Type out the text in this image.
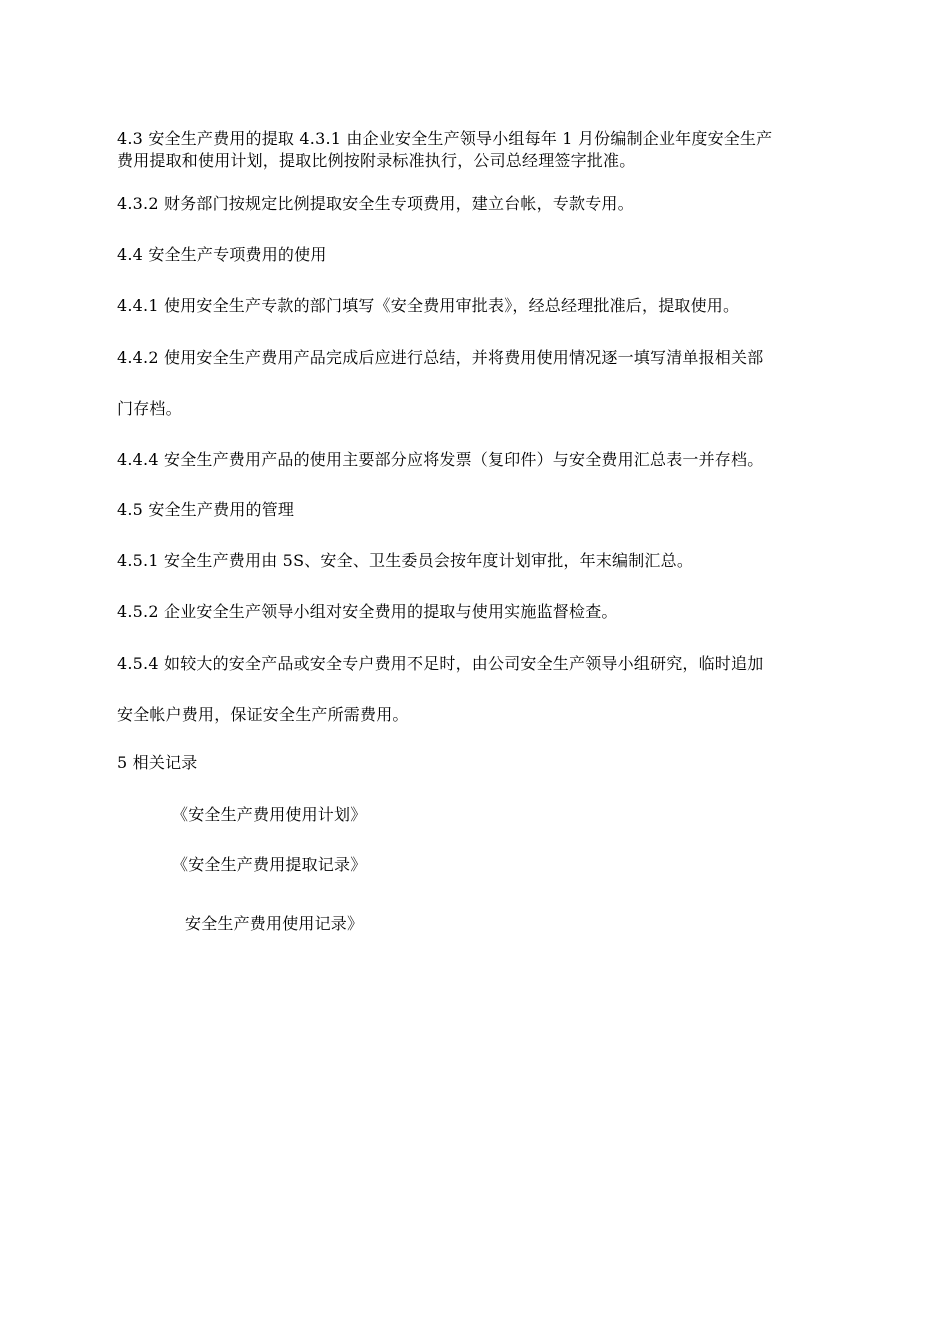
4.3 安全生产费用的提取 4.3.1 由企业安全生产领导小组每年 1 月份编制企业年度安全生产
费用提取和使用计划，提取比例按附录标准执行，公司总经理签字批准。
4.3.2 财务部门按规定比例提取安全生专项费用，建立台帐，专款专用。
4.4 安全生产专项费用的使用
4.4.1 使用安全生产专款的部门填写《安全费用审批表》，经总经理批准后，提取使用。
4.4.2 使用安全生产费用产品完成后应进行总结，并将费用使用情况逐一填写清单报相关部
门存档。
4.4.4 安全生产费用产品的使用主要部分应将发票（复印件）与安全费用汇总表一并存档。
4.5 安全生产费用的管理
4.5.1 安全生产费用由 5S、安全、卫生委员会按年度计划审批，年末编制汇总。
4.5.2 企业安全生产领导小组对安全费用的提取与使用实施监督检查。
4.5.4 如较大的安全产品或安全专户费用不足时，由公司安全生产领导小组研究，临时追加
安全帐户费用，保证安全生产所需费用。
5 相关记录
《安全生产费用使用计划》
《安全生产费用提取记录》
安全生产费用使用记录》
